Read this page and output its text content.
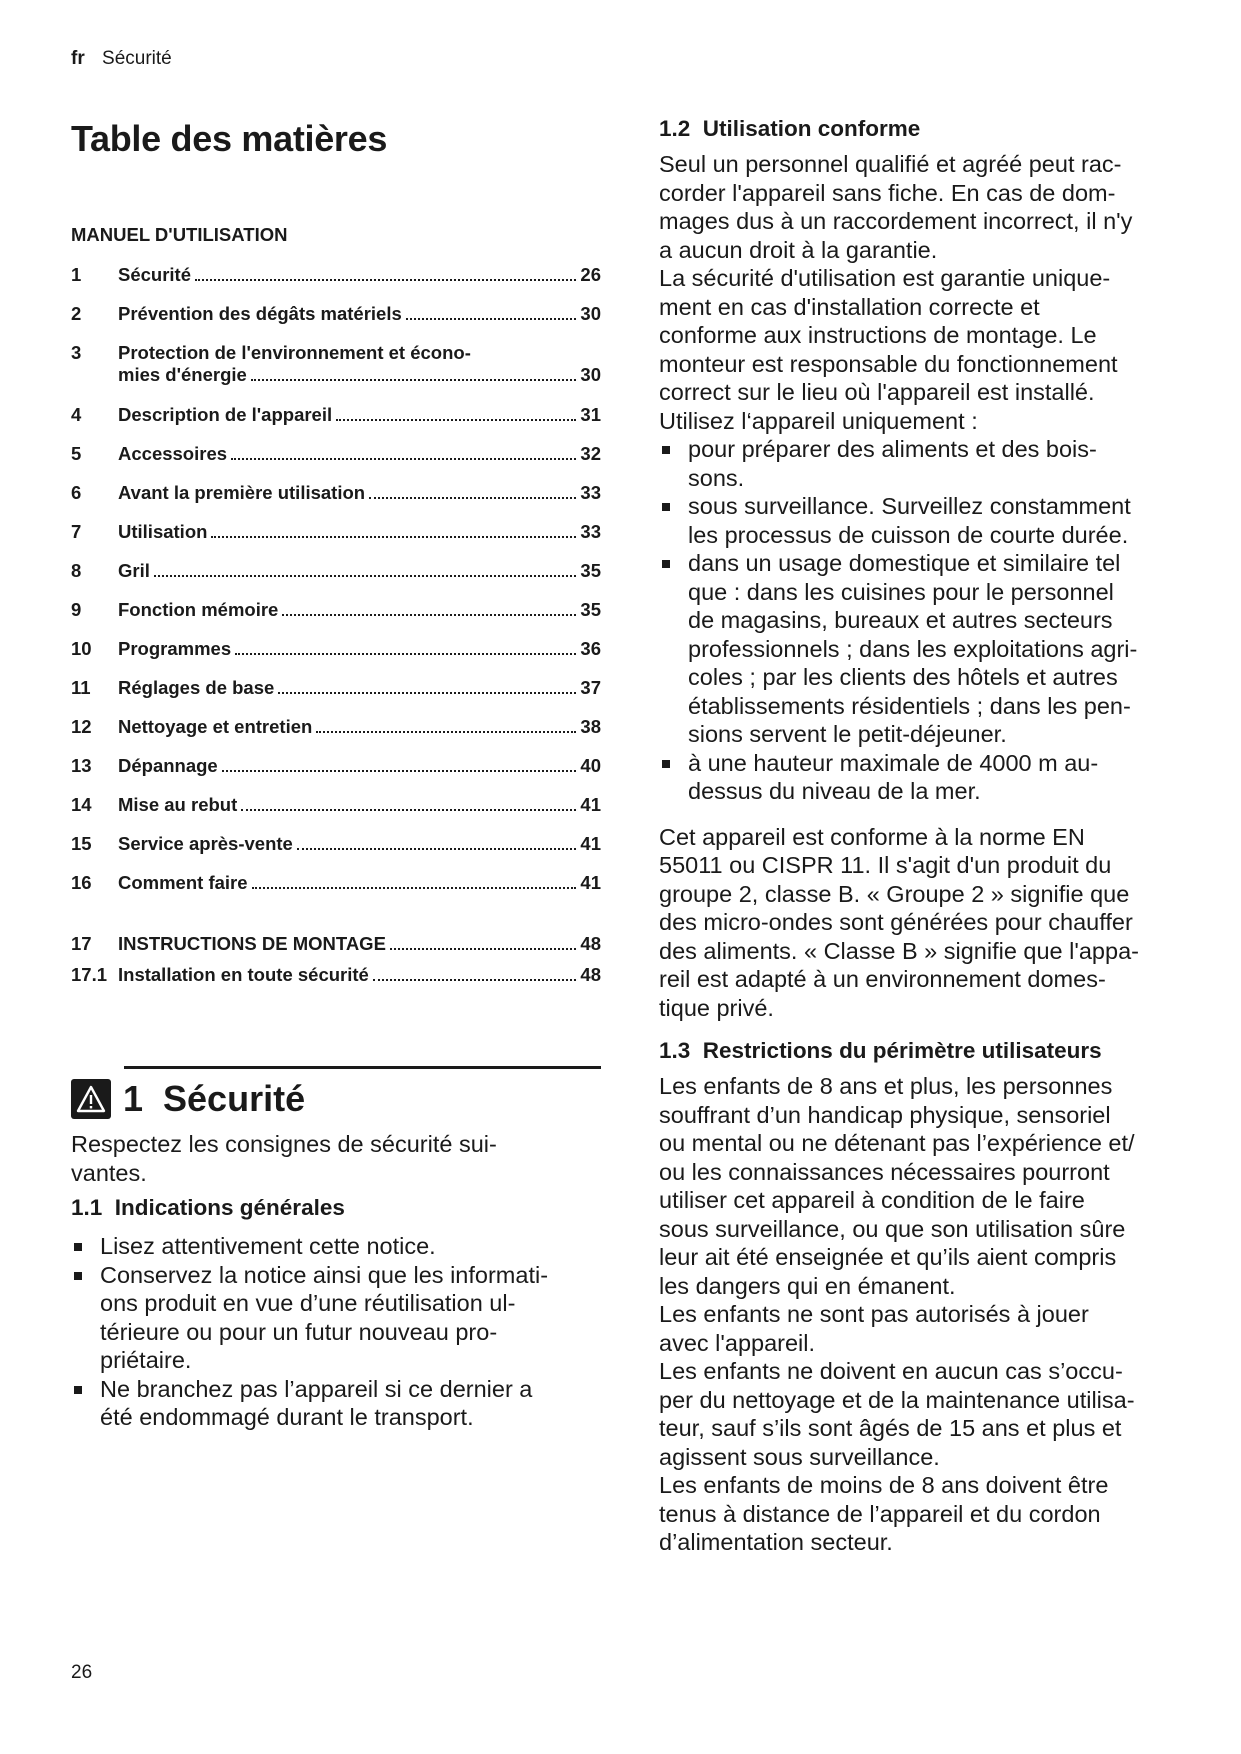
fr Sécurité
Table des matières
MANUEL D'UTILISATION
1	Sécurité	26
2	Prévention des dégâts matériels	30
3	Protection de l'environnement et écono-
mies d'énergie	30
4	Description de l'appareil	31
5	Accessoires	32
6	Avant la première utilisation	33
7	Utilisation	33
8	Gril	35
9	Fonction mémoire	35
10	Programmes	36
11	Réglages de base	37
12	Nettoyage et entretien	38
13	Dépannage	40
14	Mise au rebut	41
15	Service après-vente	41
16	Comment faire	41
17	INSTRUCTIONS DE MONTAGE	48
17.1 Installation en toute sécurité	48
1  Sécurité
Respectez les consignes de sécurité sui-
vantes.
1.1  Indications générales
Lisez attentivement cette notice.
Conservez la notice ainsi que les informati-
ons produit en vue d’une réutilisation ul-
térieure ou pour un futur nouveau pro-
priétaire.
Ne branchez pas l’appareil si ce dernier a
été endommagé durant le transport.
1.2  Utilisation conforme
Seul un personnel qualifié et agréé peut rac-
corder l'appareil sans fiche. En cas de dom-
mages dus à un raccordement incorrect, il n'y
a aucun droit à la garantie.
La sécurité d'utilisation est garantie unique-
ment en cas d'installation correcte et
conforme aux instructions de montage. Le
monteur est responsable du fonctionnement
correct sur le lieu où l'appareil est installé.
Utilisez l‘appareil uniquement :
pour préparer des aliments et des bois-
sons.
sous surveillance. Surveillez constamment
les processus de cuisson de courte durée.
dans un usage domestique et similaire tel
que : dans les cuisines pour le personnel
de magasins, bureaux et autres secteurs
professionnels ; dans les exploitations agri-
coles ; par les clients des hôtels et autres
établissements résidentiels ; dans les pen-
sions servent le petit-déjeuner.
à une hauteur maximale de 4000 m au-
dessus du niveau de la mer.
Cet appareil est conforme à la norme EN
55011 ou CISPR 11. Il s'agit d'un produit du
groupe 2, classe B. « Groupe 2 » signifie que
des micro-ondes sont générées pour chauffer
des aliments. « Classe B » signifie que l'appa-
reil est adapté à un environnement domes-
tique privé.
1.3  Restrictions du périmètre utilisateurs
Les enfants de 8 ans et plus, les personnes
souffrant d’un handicap physique, sensoriel
ou mental ou ne détenant pas l’expérience et/
ou les connaissances nécessaires pourront
utiliser cet appareil à condition de le faire
sous surveillance, ou que son utilisation sûre
leur ait été enseignée et qu’ils aient compris
les dangers qui en émanent.
Les enfants ne sont pas autorisés à jouer
avec l'appareil.
Les enfants ne doivent en aucun cas s’occu-
per du nettoyage et de la maintenance utilisa-
teur, sauf s’ils sont âgés de 15 ans et plus et
agissent sous surveillance.
Les enfants de moins de 8 ans doivent être
tenus à distance de l’appareil et du cordon
d’alimentation secteur.
26
